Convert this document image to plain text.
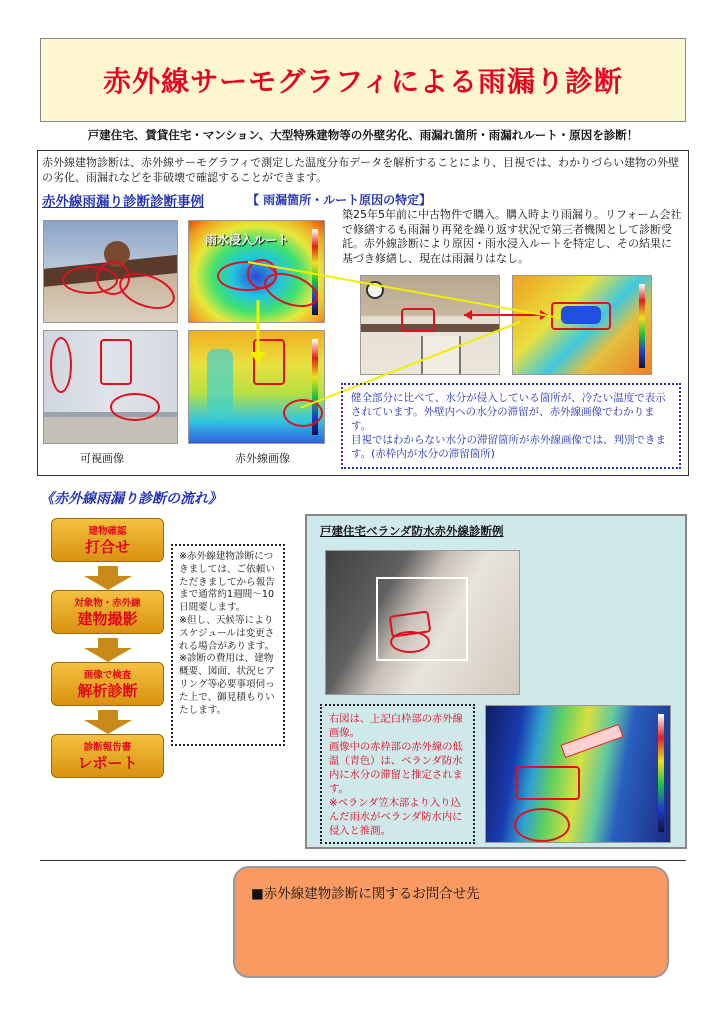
赤外線サーモグラフィによる雨漏り診断
戸建住宅、賃貸住宅・マンション、大型特殊建物等の外壁劣化、雨漏れ箇所・雨漏れルート・原因を診断！
赤外線建物診断は、赤外線サーモグラフィで測定した温度分布データを解析することにより、目視では、わかりづらい建物の外壁の劣化、雨漏れなどを非破壊で確認することができます。
赤外線雨漏り診断診断事例	【 雨漏箇所・ルート原因の特定】
築25年5年前に中古物件で購入。購入時より雨漏り。リフォーム会社で修繕するも雨漏り再発を繰り返す状況で第三者機関として診断受託。赤外線診断により原因・雨水浸入ルートを特定し、その結果に基づき修繕し、現在は雨漏りはなし。
雨水浸入ルート
可視画像	赤外線画像
健全部分に比べて、水分が侵入している箇所が、冷たい温度で表示されています。外壁内への水分の滞留が、赤外線画像でわかります。
目視ではわからない水分の滞留箇所が赤外線画像では、判別できます。(赤枠内が水分の滞留箇所)
《赤外線雨漏り診断の流れ》
建物確認
打合せ
対象物・赤外線
建物撮影
画像で検査
解析診断
診断報告書
レポート
※赤外線建物診断につきましては、ご依頼いただきましてから報告まで通常約1週間～10日間要します。
※但し、天候等によりスケジュールは変更される場合があります。
※診断の費用は、建物概要、図面、状況ヒアリング等必要事項伺った上で、御見積もりいたします。
戸建住宅ベランダ防水赤外線診断例
右図は、上記白枠部の赤外線画像。
画像中の赤枠部の赤外線の低温（青色）は、ベランダ防水内に水分の滞留と推定されます。
※ベランダ笠木部より入り込んだ雨水がベランダ防水内に侵入と推測。
■赤外線建物診断に関するお問合せ先
